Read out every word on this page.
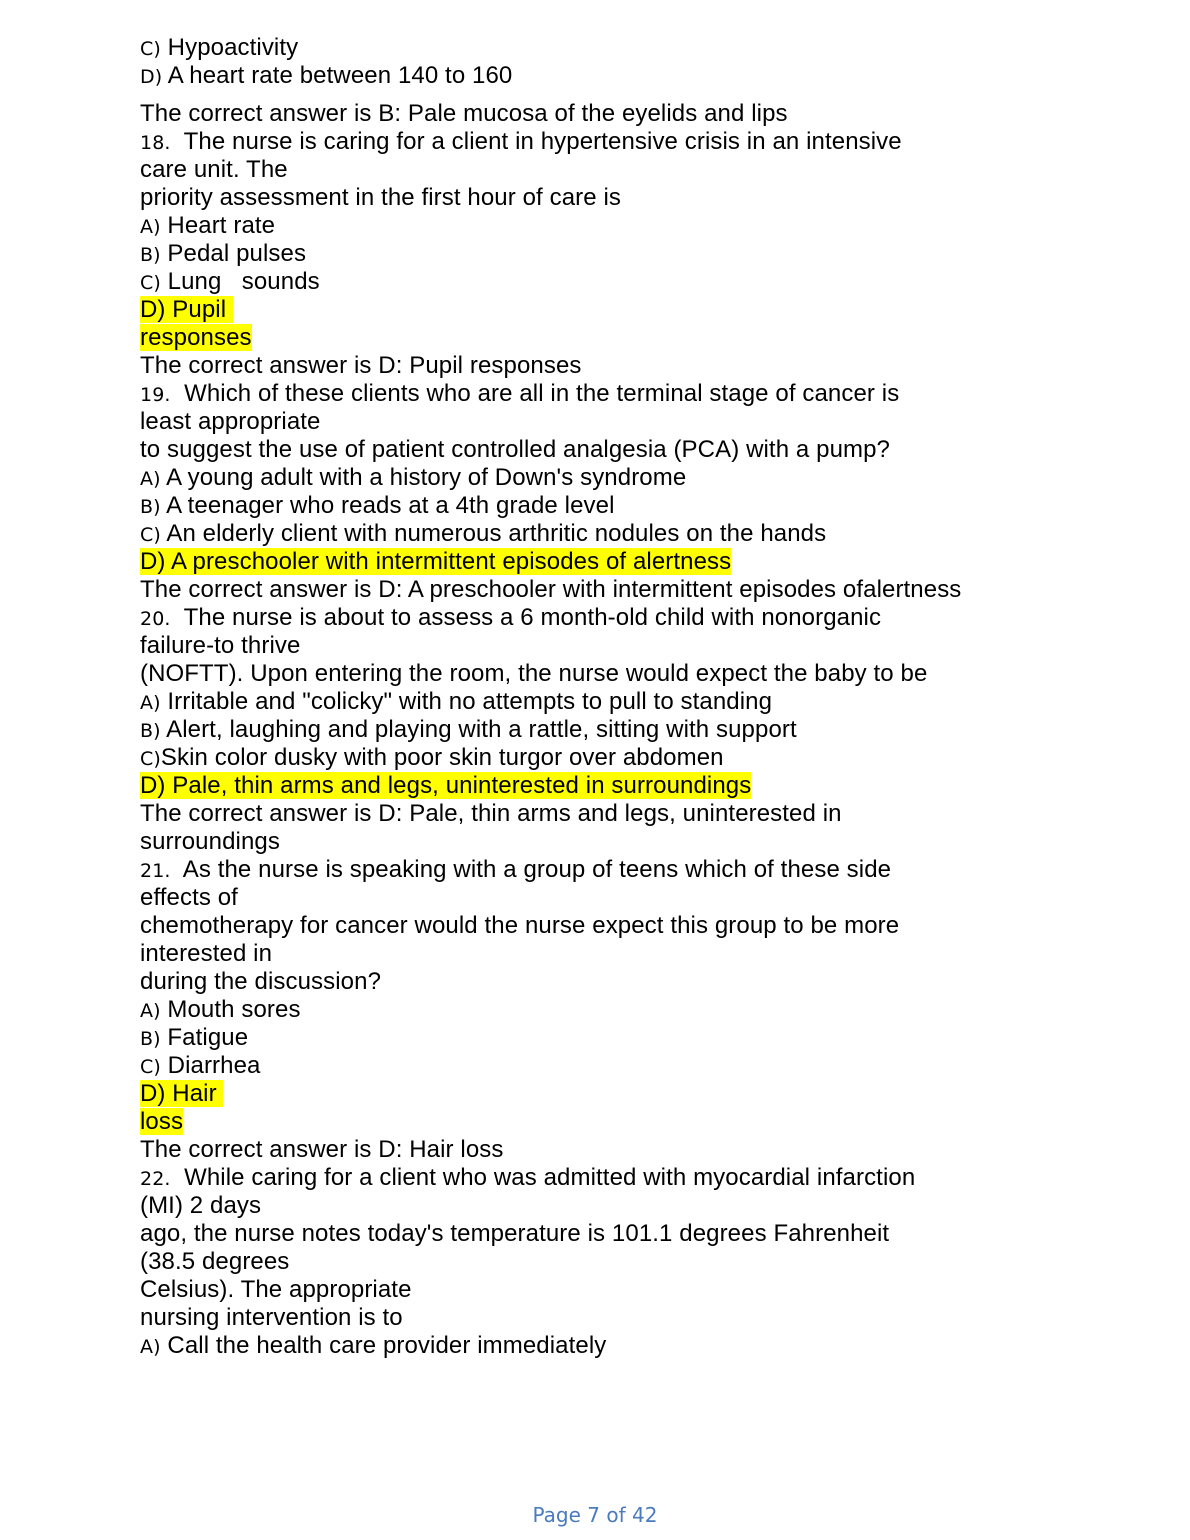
C) Hypoactivity
D) A heart rate between 140 to 160
The correct answer is B: Pale mucosa of the eyelids and lips
18.  The nurse is caring for a client in hypertensive crisis in an intensive
care unit. The
priority assessment in the first hour of care is
A) Heart rate
B) Pedal pulses
C) Lung   sounds
D) Pupil
responses
The correct answer is D: Pupil responses
19.  Which of these clients who are all in the terminal stage of cancer is
least appropriate
to suggest the use of patient controlled analgesia (PCA) with a pump?
A) A young adult with a history of Down's syndrome
B) A teenager who reads at a 4th grade level
C) An elderly client with numerous arthritic nodules on the hands
D) A preschooler with intermittent episodes of alertness
The correct answer is D: A preschooler with intermittent episodes ofalertness
20.  The nurse is about to assess a 6 month-old child with nonorganic
failure-to thrive
(NOFTT). Upon entering the room, the nurse would expect the baby to be
A) Irritable and "colicky" with no attempts to pull to standing
B) Alert, laughing and playing with a rattle, sitting with support
C)Skin color dusky with poor skin turgor over abdomen
D) Pale, thin arms and legs, uninterested in surroundings
The correct answer is D: Pale, thin arms and legs, uninterested in
surroundings
21.  As the nurse is speaking with a group of teens which of these side
effects of
chemotherapy for cancer would the nurse expect this group to be more
interested in
during the discussion?
A) Mouth sores
B) Fatigue
C) Diarrhea
D) Hair
loss
The correct answer is D: Hair loss
22.  While caring for a client who was admitted with myocardial infarction
(MI) 2 days
ago, the nurse notes today's temperature is 101.1 degrees Fahrenheit
(38.5 degrees
Celsius). The appropriate
nursing intervention is to
A) Call the health care provider immediately
Page 7 of 42
